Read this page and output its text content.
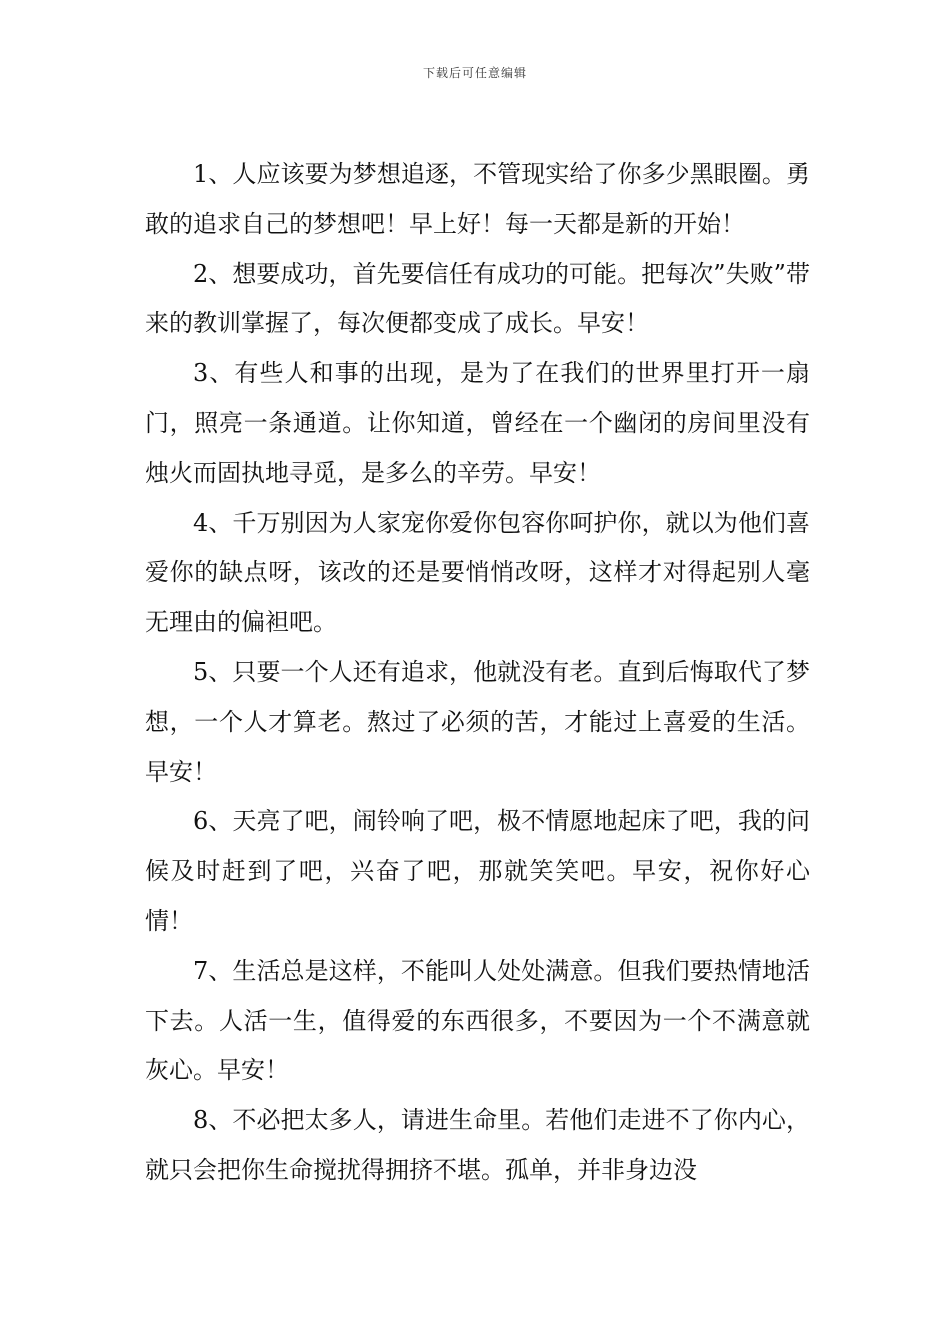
下载后可任意编辑

1、人应该要为梦想追逐，不管现实给了你多少黑眼圈。勇敢的追求自己的梦想吧！早上好！每一天都是新的开始！

2、想要成功，首先要信任有成功的可能。把每次”失败”带来的教训掌握了，每次便都变成了成长。早安！

3、有些人和事的出现，是为了在我们的世界里打开一扇门，照亮一条通道。让你知道，曾经在一个幽闭的房间里没有烛火而固执地寻觅，是多么的辛劳。早安！

4、千万别因为人家宠你爱你包容你呵护你，就以为他们喜爱你的缺点呀，该改的还是要悄悄改呀，这样才对得起别人毫无理由的偏袒吧。

5、只要一个人还有追求，他就没有老。直到后悔取代了梦想，一个人才算老。熬过了必须的苦，才能过上喜爱的生活。早安！

6、天亮了吧，闹铃响了吧，极不情愿地起床了吧，我的问候及时赶到了吧，兴奋了吧，那就笑笑吧。早安，祝你好心情！

7、生活总是这样，不能叫人处处满意。但我们要热情地活下去。人活一生，值得爱的东西很多，不要因为一个不满意就灰心。早安！

8、不必把太多人，请进生命里。若他们走进不了你内心，就只会把你生命搅扰得拥挤不堪。孤单，并非身边没
